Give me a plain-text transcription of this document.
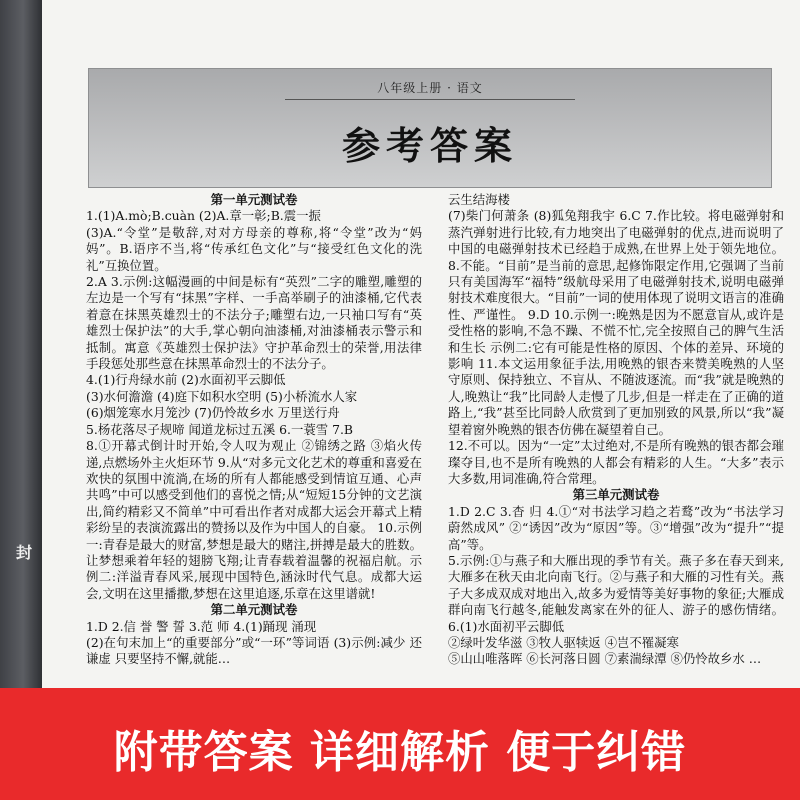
封
八年级上册 · 语文
参考答案

第一单元测试卷

1.(1)A.mò;B.cuàn (2)A.章一彰;B.震一振

(3)A.“令堂”是敬辞,对对方母亲的尊称,将“令堂”改为“妈妈”。B.语序不当,将“传承红色文化”与“接受红色文化的洗礼”互换位置。

2.A 3.示例:这幅漫画的中间是标有“英烈”二字的雕塑,雕塑的左边是一个写有“抹黑”字样、一手高举刷子的油漆桶,它代表着意在抹黑英雄烈士的不法分子;雕塑右边,一只袖口写有“英雄烈士保护法”的大手,掌心朝向油漆桶,对油漆桶表示警示和抵制。寓意《英雄烈士保护法》守护革命烈士的荣誉,用法律手段惩处那些意在抹黑革命烈士的不法分子。

4.(1)行舟绿水前 (2)水面初平云脚低

(3)水何澹澹 (4)庭下如积水空明 (5)小桥流水人家

(6)烟笼寒水月笼沙 (7)仍怜故乡水 万里送行舟

5.杨花落尽子规啼 闻道龙标过五溪 6.一蓑雪 7.B

8.①开幕式倒计时开始,令人叹为观止 ②锦绣之路 ③焰火传递,点燃场外主火炬环节 9.从“对多元文化艺术的尊重和喜爱在欢快的氛围中流淌,在场的所有人都能感受到情谊互通、心声共鸣”中可以感受到他们的喜悦之情;从“短短15分钟的文艺演出,简约精彩又不简单”中可看出作者对成都大运会开幕式上精彩纷呈的表演流露出的赞扬以及作为中国人的自豪。 10.示例一:青春是最大的财富,梦想是最大的赌注,拼搏是最大的胜数。让梦想乘着年轻的翅膀飞翔;让青春载着温馨的祝福启航。示例二:洋溢青春风采,展现中国特色,涵泳时代气息。成都大运会,文明在这里播撒,梦想在这里追逐,乐章在这里谱就!

第二单元测试卷

1.D 2.信 誉 警 誓 3.范 师 4.(1)踊现 涌现

(2)在句末加上“的重要部分”或“一环”等词语 (3)示例:减少 还谦虚 只要坚持不懈,就能…

云生结海楼

(7)柴门何萧条 (8)狐兔翔我宇 6.C 7.作比较。将电磁弹射和蒸汽弹射进行比较,有力地突出了电磁弹射的优点,进而说明了中国的电磁弹射技术已经趋于成熟,在世界上处于领先地位。 8.不能。“目前”是当前的意思,起修饰限定作用,它强调了当前只有美国海军“福特”级航母采用了电磁弹射技术,说明电磁弹射技术难度很大。“目前”一词的使用体现了说明文语言的准确性、严谨性。 9.D 10.示例一:晚熟是因为不愿意盲从,或许是受性格的影响,不急不躁、不慌不忙,完全按照自己的脾气生活和生长 示例二:它有可能是性格的原因、个体的差异、环境的影响 11.本文运用象征手法,用晚熟的银杏来赞美晚熟的人坚守原则、保持独立、不盲从、不随波逐流。而“我”就是晚熟的人,晚熟让“我”比同龄人走慢了几步,但是一样走在了正确的道路上,“我”甚至比同龄人欣赏到了更加别致的风景,所以“我”凝望着窗外晚熟的银杏仿佛在凝望着自己。

12.不可以。因为“一定”太过绝对,不是所有晚熟的银杏都会璀璨夺目,也不是所有晚熟的人都会有精彩的人生。“大多”表示大多数,用词准确,符合常理。

第三单元测试卷

1.D 2.C 3.杳 归 4.①“对书法学习趋之若鹜”改为“书法学习蔚然成风” ②“诱因”改为“原因”等。③“增强”改为“提升”“提高”等。

5.示例:①与燕子和大雁出现的季节有关。燕子多在春天到来,大雁多在秋天由北向南飞行。②与燕子和大雁的习性有关。燕子大多成双成对地出入,故多为爱情等美好事物的象征;大雁成群向南飞行越冬,能触发离家在外的征人、游子的感伤情绪。 6.(1)水面初平云脚低

②绿叶发华滋 ③牧人驱犊返 ④岂不罹凝寒

⑤山山唯落晖 ⑥长河落日圆 ⑦素湍绿潭 ⑧仍怜故乡水 …

附带答案 详细解析 便于纠错
